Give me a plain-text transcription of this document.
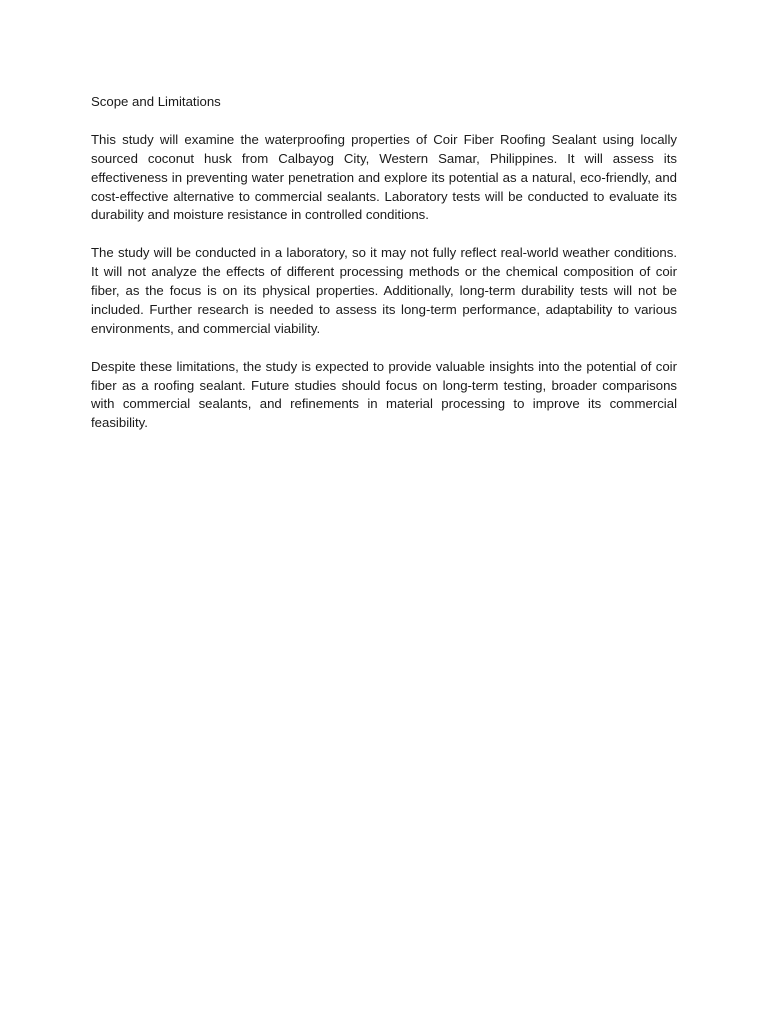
Scope and Limitations

This study will examine the waterproofing properties of Coir Fiber Roofing Sealant using locally sourced coconut husk from Calbayog City, Western Samar, Philippines. It will assess its effectiveness in preventing water penetration and explore its potential as a natural, eco-friendly, and cost-effective alternative to commercial sealants. Laboratory tests will be conducted to evaluate its durability and moisture resistance in controlled conditions.

The study will be conducted in a laboratory, so it may not fully reflect real-world weather conditions. It will not analyze the effects of different processing methods or the chemical composition of coir fiber, as the focus is on its physical properties. Additionally, long-term durability tests will not be included. Further research is needed to assess its long-term performance, adaptability to various environments, and commercial viability.

Despite these limitations, the study is expected to provide valuable insights into the potential of coir fiber as a roofing sealant. Future studies should focus on long-term testing, broader comparisons with commercial sealants, and refinements in material processing to improve its commercial feasibility.
